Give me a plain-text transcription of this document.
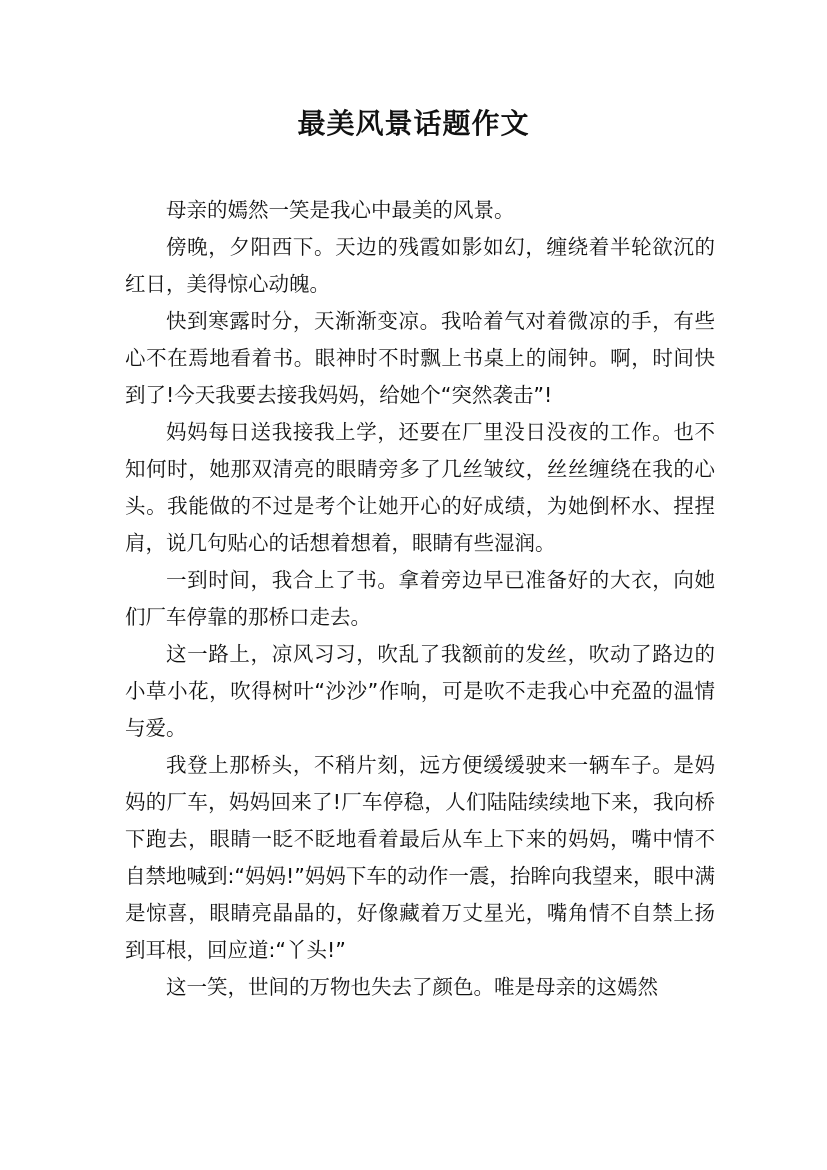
最美风景话题作文

母亲的嫣然一笑是我心中最美的风景。

傍晚，夕阳西下。天边的残霞如影如幻，缠绕着半轮欲沉的红日，美得惊心动魄。

快到寒露时分，天渐渐变凉。我哈着气对着微凉的手，有些心不在焉地看着书。眼神时不时飘上书桌上的闹钟。啊，时间快到了!今天我要去接我妈妈，给她个“突然袭击”!

妈妈每日送我接我上学，还要在厂里没日没夜的工作。也不知何时，她那双清亮的眼睛旁多了几丝皱纹，丝丝缠绕在我的心头。我能做的不过是考个让她开心的好成绩，为她倒杯水、捏捏肩，说几句贴心的话想着想着，眼睛有些湿润。

一到时间，我合上了书。拿着旁边早已准备好的大衣，向她们厂车停靠的那桥口走去。

这一路上，凉风习习，吹乱了我额前的发丝，吹动了路边的小草小花，吹得树叶“沙沙”作响，可是吹不走我心中充盈的温情与爱。

我登上那桥头，不稍片刻，远方便缓缓驶来一辆车子。是妈妈的厂车，妈妈回来了!厂车停稳，人们陆陆续续地下来，我向桥下跑去，眼睛一眨不眨地看着最后从车上下来的妈妈，嘴中情不自禁地喊到:“妈妈!”妈妈下车的动作一震，抬眸向我望来，眼中满是惊喜，眼睛亮晶晶的，好像藏着万丈星光，嘴角情不自禁上扬到耳根，回应道:“丫头!”

这一笑，世间的万物也失去了颜色。唯是母亲的这嫣然
